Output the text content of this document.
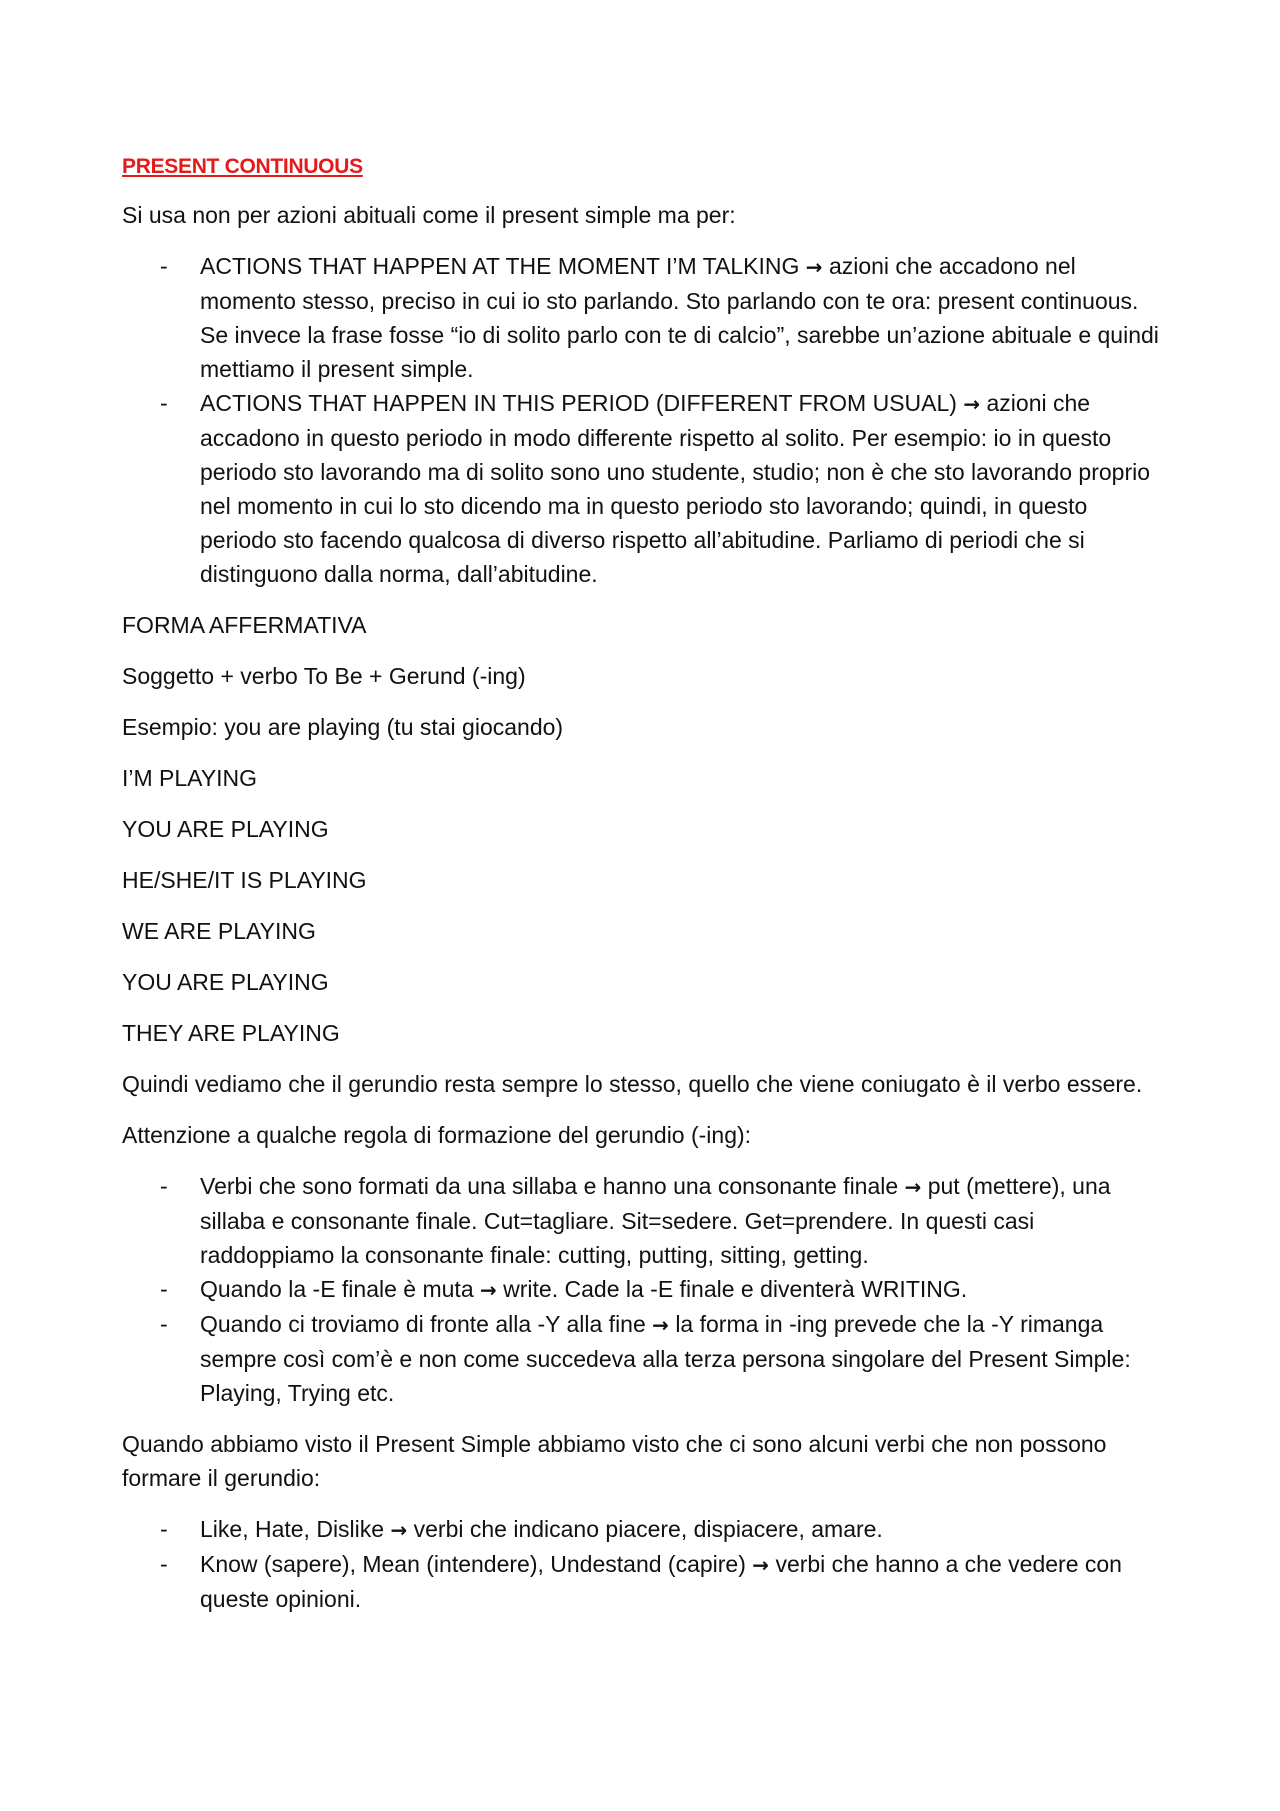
PRESENT CONTINUOUS

Si usa non per azioni abituali come il present simple ma per:

- ACTIONS THAT HAPPEN AT THE MOMENT I’M TALKING → azioni che accadono nel momento stesso, preciso in cui io sto parlando. Sto parlando con te ora: present continuous. Se invece la frase fosse “io di solito parlo con te di calcio”, sarebbe un’azione abituale e quindi mettiamo il present simple.
- ACTIONS THAT HAPPEN IN THIS PERIOD (DIFFERENT FROM USUAL) → azioni che accadono in questo periodo in modo differente rispetto al solito. Per esempio: io in questo periodo sto lavorando ma di solito sono uno studente, studio; non è che sto lavorando proprio nel momento in cui lo sto dicendo ma in questo periodo sto lavorando; quindi, in questo periodo sto facendo qualcosa di diverso rispetto all’abitudine. Parliamo di periodi che si distinguono dalla norma, dall’abitudine.

FORMA AFFERMATIVA

Soggetto + verbo To Be + Gerund (-ing)

Esempio: you are playing (tu stai giocando)

I’M PLAYING

YOU ARE PLAYING

HE/SHE/IT IS PLAYING

WE ARE PLAYING

YOU ARE PLAYING

THEY ARE PLAYING

Quindi vediamo che il gerundio resta sempre lo stesso, quello che viene coniugato è il verbo essere.

Attenzione a qualche regola di formazione del gerundio (-ing):

- Verbi che sono formati da una sillaba e hanno una consonante finale → put (mettere), una sillaba e consonante finale. Cut=tagliare. Sit=sedere. Get=prendere. In questi casi raddoppiamo la consonante finale: cutting, putting, sitting, getting.
- Quando la -E finale è muta → write. Cade la -E finale e diventerà WRITING.
- Quando ci troviamo di fronte alla -Y alla fine → la forma in -ing prevede che la -Y rimanga sempre così com’è e non come succedeva alla terza persona singolare del Present Simple: Playing, Trying etc.

Quando abbiamo visto il Present Simple abbiamo visto che ci sono alcuni verbi che non possono formare il gerundio:

- Like, Hate, Dislike → verbi che indicano piacere, dispiacere, amare.
- Know (sapere), Mean (intendere), Undestand (capire) → verbi che hanno a che vedere con queste opinioni.
